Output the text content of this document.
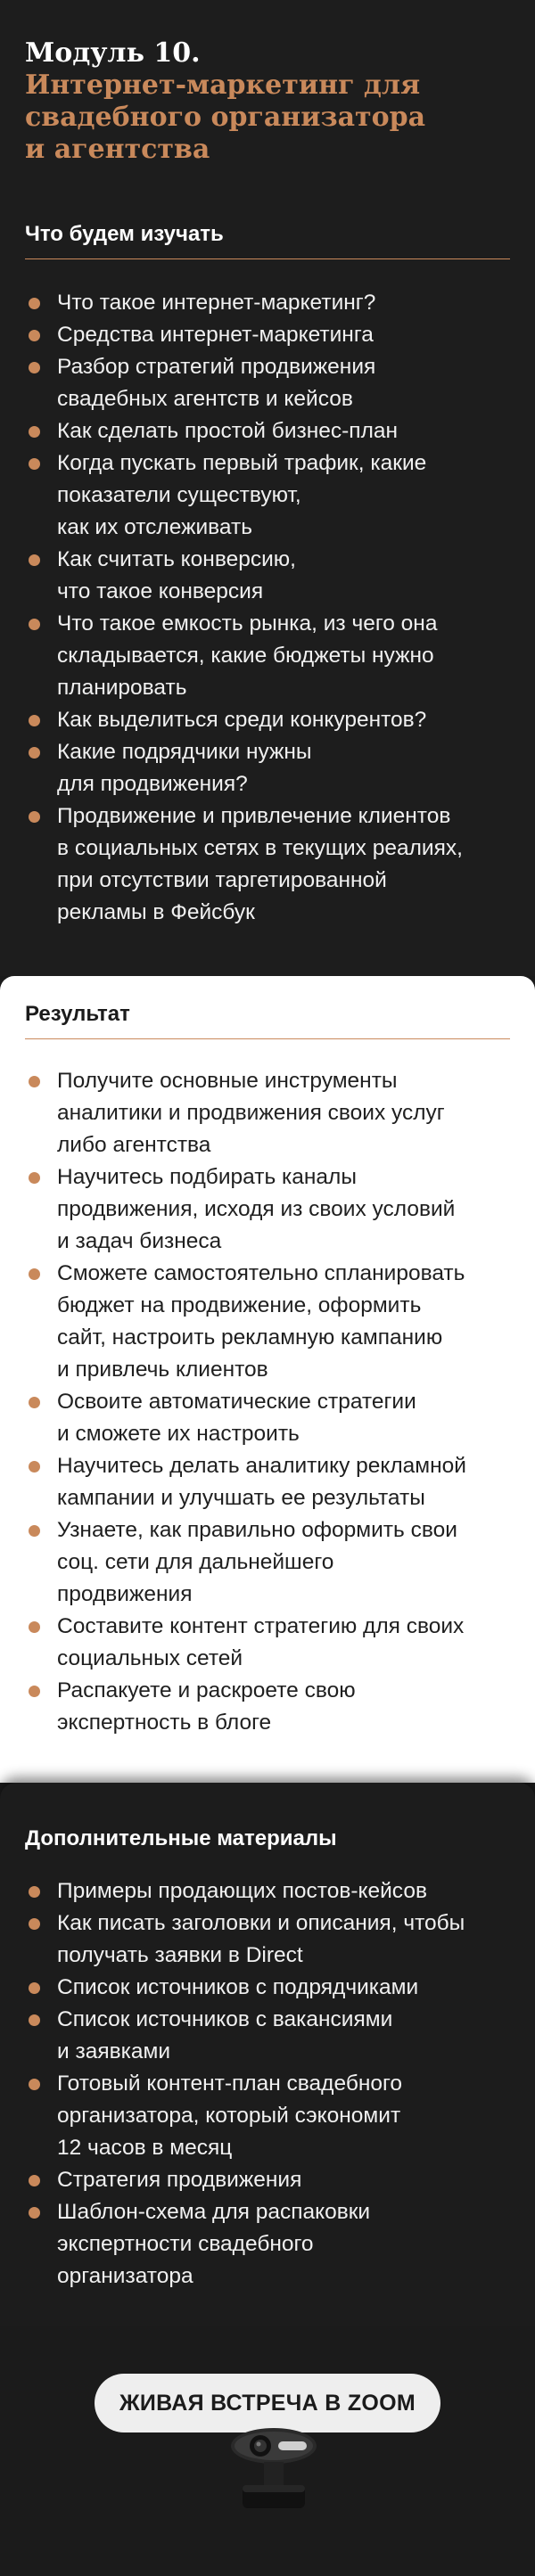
Модуль 10.
Интернет-маркетинг для
свадебного организатора
и агентства
Что будем изучать
Что такое интернет-маркетинг?
Средства интернет-маркетинга
Разбор стратегий продвижения
свадебных агентств и кейсов
Как сделать простой бизнес-план
Когда пускать первый трафик, какие
показатели существуют,
как их отслеживать
Как считать конверсию,
что такое конверсия
Что такое емкость рынка, из чего она
складывается, какие бюджеты нужно
планировать
Как выделиться среди конкурентов?
Какие подрядчики нужны
для продвижения?
Продвижение и привлечение клиентов
в социальных сетях в текущих реалиях,
при отсутствии таргетированной
рекламы в Фейсбук
Результат
Получите основные инструменты
аналитики и продвижения своих услуг
либо агентства
Научитесь подбирать каналы
продвижения, исходя из своих условий
и задач бизнеса
Сможете самостоятельно спланировать
бюджет на продвижение, оформить
сайт, настроить рекламную кампанию
и привлечь клиентов
Освоите автоматические стратегии
и сможете их настроить
Научитесь делать аналитику рекламной
кампании и улучшать ее результаты
Узнаете, как правильно оформить свои
соц. сети для дальнейшего
продвижения
Составите контент стратегию для своих
социальных сетей
Распакуете и раскроете свою
экспертность в блоге
Дополнительные материалы
Примеры продающих постов-кейсов
Как писать заголовки и описания, чтобы
получать заявки в Direct
Список источников с подрядчиками
Список источников с вакансиями
и заявками
Готовый контент-план свадебного
организатора, который сэкономит
12 часов в месяц
Стратегия продвижения
Шаблон-схема для распаковки
экспертности свадебного
организатора
ЖИВАЯ ВСТРЕЧА В ZOOM
